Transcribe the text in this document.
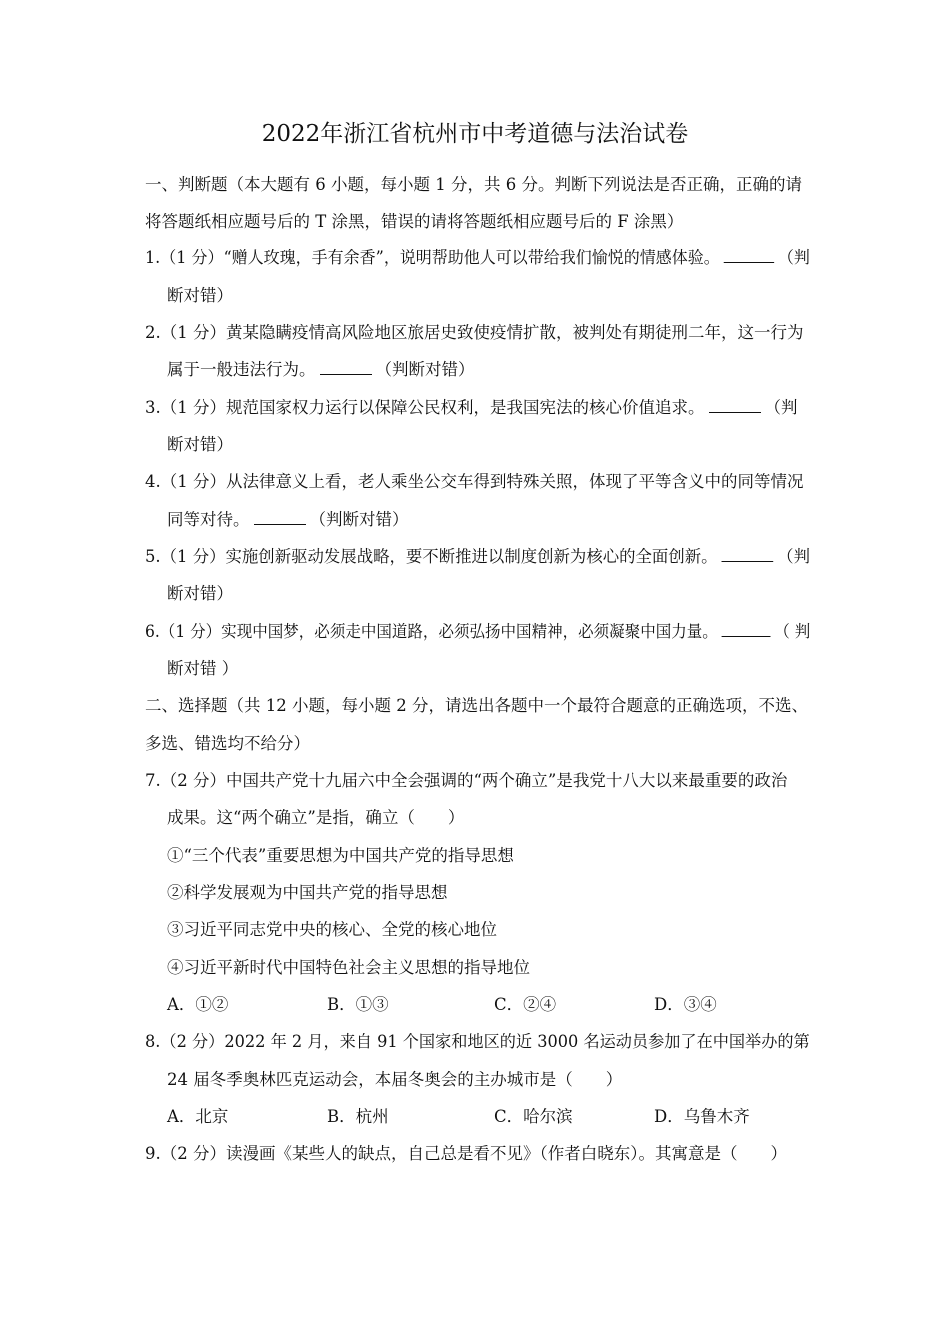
2022年浙江省杭州市中考道德与法治试卷
一、判断题（本大题有 6 小题，每小题 1 分，共 6 分。判断下列说法是否正确，正确的请
将答题纸相应题号后的 T 涂黑，错误的请将答题纸相应题号后的 F 涂黑）
1.（1 分）“赠人玫瑰，手有余香”，说明帮助他人可以带给我们愉悦的情感体验。	（判
断对错）
2.（1 分）黄某隐瞒疫情高风险地区旅居史致使疫情扩散，被判处有期徒刑二年，这一行为
属于一般违法行为。	（判断对错）
3.（1 分）规范国家权力运行以保障公民权利，是我国宪法的核心价值追求。	（判
断对错）
4.（1 分）从法律意义上看，老人乘坐公交车得到特殊关照，体现了平等含义中的同等情况
同等对待。	（判断对错）
5.（1 分）实施创新驱动发展战略，要不断推进以制度创新为核心的全面创新。	（判
断对错）
6.（1 分）实现中国梦，必须走中国道路，必须弘扬中国精神，必须凝聚中国力量。	（ 判
断对错 ）
二、选择题（共 12 小题，每小题 2 分，请选出各题中一个最符合题意的正确选项，不选、
多选、错选均不给分）
7.（2 分）中国共产党十九届六中全会强调的“两个确立”是我党十八大以来最重要的政治
成果。这“两个确立”是指，确立（　　）
①“三个代表”重要思想为中国共产党的指导思想
②科学发展观为中国共产党的指导思想
③习近平同志党中央的核心、全党的核心地位
④习近平新时代中国特色社会主义思想的指导地位
A．①②	B．①③	C．②④	D．③④
8.（2 分）2022 年 2 月，来自 91 个国家和地区的近 3000 名运动员参加了在中国举办的第
24 届冬季奥林匹克运动会，本届冬奥会的主办城市是（　　）
A．北京	B．杭州	C．哈尔滨	D．乌鲁木齐
9.（2 分）读漫画《某些人的缺点，自己总是看不见》（作者白晓东）。其寓意是（　　）
